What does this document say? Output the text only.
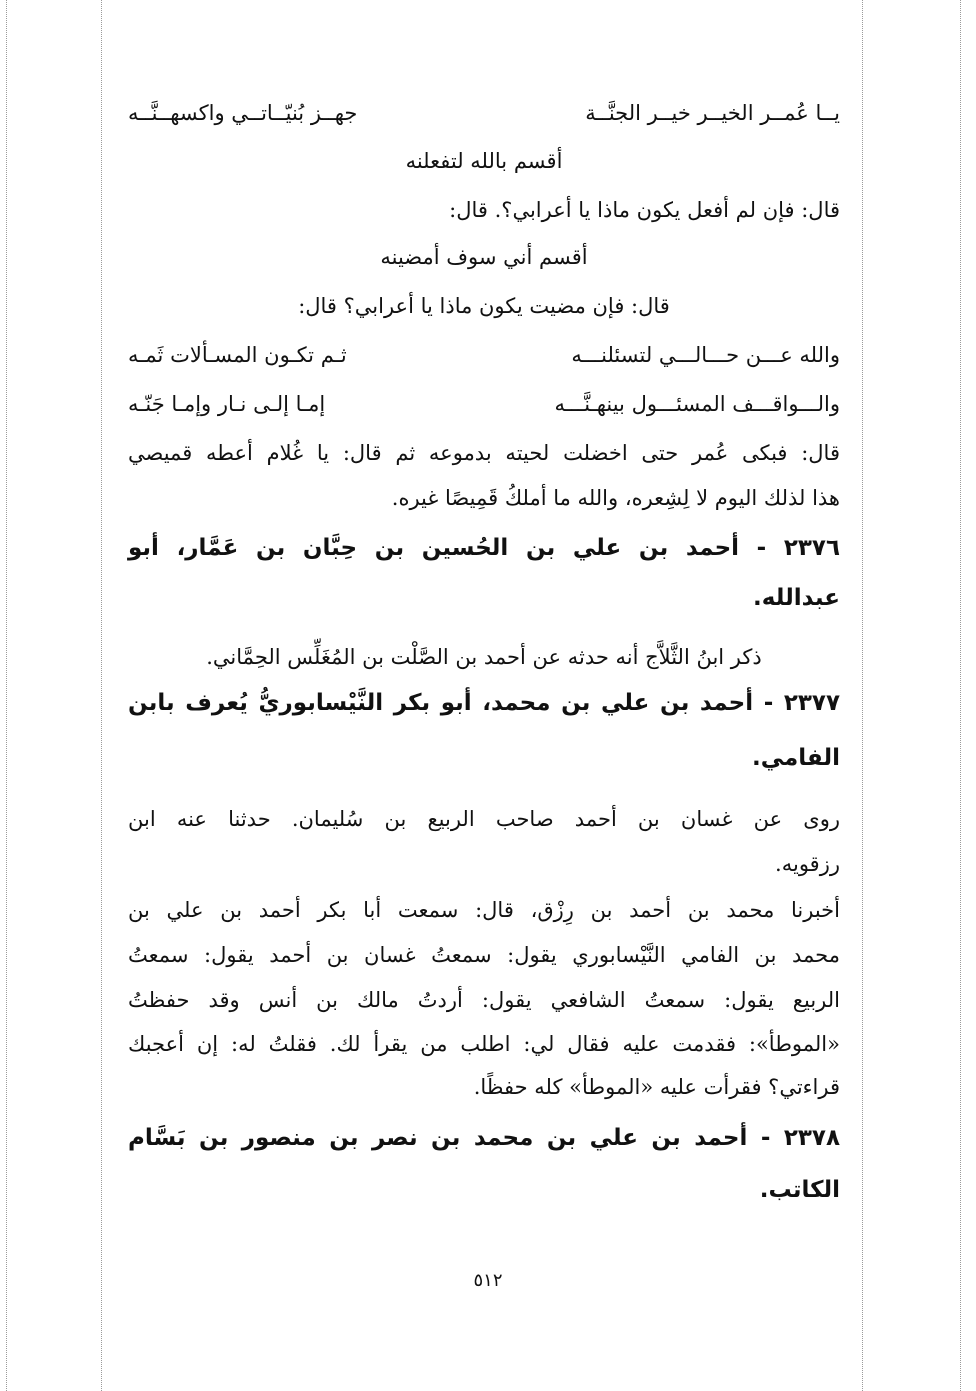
يــا عُمــر الخيــر خيــر الجنَّــة
جهــز بُنيّــاتــي واكسهــنَّــه
أقسم بالله لتفعلنه
قال: فإن لم أفعل يكون ماذا يا أعرابي؟. قال:
أقسم أني سوف أمضينه
قال: فإن مضيت يكون ماذا يا أعرابي؟ قال:
والله عـــن حـــالـــي لتسئلنـــه
ثـم تكـون المسـألات ثَمـه
والـــواقـــف المسئـــول بينهـنَّـــه
إمـا إلـى نـار وإمـا جَنّـه
قال: فبكى عُمر حتى اخضلت لحيته بدموعه ثم قال: يا غُلام أعطه قميصي
هذا لذلك اليوم لا لِشِعره، والله ما أملكُ قَمِيصًا غيره.
٢٣٧٦ - أحمد بن علي بن الحُسين بن حِبَّان بن عَمَّار، أبو
عبدالله.
ذكر ابنُ الثَّلاَّج أنه حدثه عن أحمد بن الصَّلْت بن المُغَلِّس الحِمَّاني.
٢٣٧٧ - أحمد بن علي بن محمد، أبو بكر النَّيْسابوريُّ يُعرف بابن
الفامي.
روى عن غسان بن أحمد صاحب الربيع بن سُليمان. حدثنا عنه ابن
رزقويه.
أخبرنا محمد بن أحمد بن رِزْق، قال: سمعت أبا بكر أحمد بن علي بن
محمد بن الفامي النَّيْسابوري يقول: سمعتُ غسان بن أحمد يقول: سمعتُ
الربيع يقول: سمعتُ الشافعي يقول: أردتُ مالك بن أنس وقد حفظتُ
«الموطأ»: فقدمت عليه فقال لي: اطلب من يقرأ لك. فقلتُ له: إن أعجبك
قراءتي؟ فقرأت عليه «الموطأ» كله حفظًا.
٢٣٧٨ - أحمد بن علي بن محمد بن نصر بن منصور بن بَسَّام
الكاتب.
٥١٢
